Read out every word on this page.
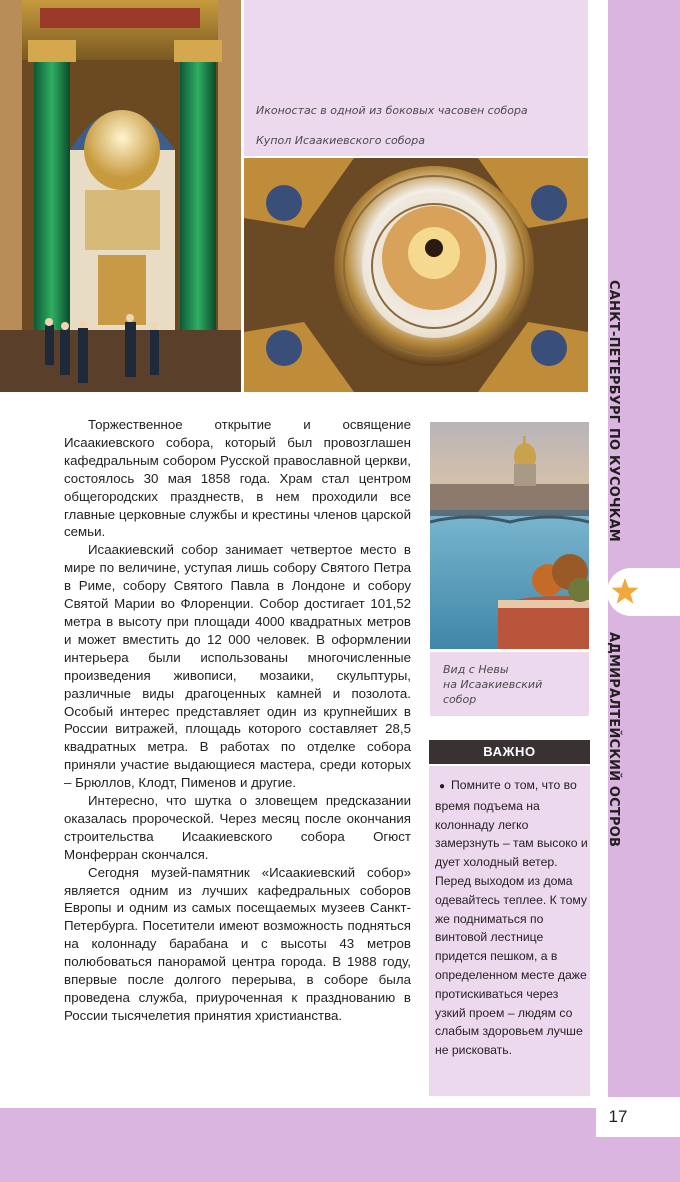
САНКТ-ПЕТЕРБУРГ ПО КУСОЧКАМ
АДМИРАЛТЕЙСКИЙ ОСТРОВ
Иконостас в одной из боковых часовен собора
Купол Исаакиевского собора

Торжественное открытие и освящение Исаакиевского собора, который был провозглашен кафедральным собором Русской православной церкви, состоялось 30 мая 1858 года. Храм стал центром общегородских празднеств, в нем проходили все главные церковные службы и крестины членов царской семьи.

Исаакиевский собор занимает четвертое место в мире по величине, уступая лишь собору Святого Петра в Риме, собору Святого Павла в Лондоне и собору Святой Марии во Флоренции. Собор достигает 101,52 метра в высоту при площади 4000 квадратных метров и может вместить до 12 000 человек. В оформлении интерьера были использованы многочисленные произведения живописи, мозаики, скульптуры, различные виды драгоценных камней и позолота. Особый интерес представляет один из крупнейших в России витражей, площадь которого составляет 28,5 квадратных метра. В работах по отделке собора приняли участие выдающиеся мастера, среди которых – Брюллов, Клодт, Пименов и другие.

Интересно, что шутка о зловещем предсказании оказалась пророческой. Через месяц после окончания строительства Исаакиевского собора Огюст Монферран скончался.

Сегодня музей-памятник «Исаакиевский собор» является одним из лучших кафедральных соборов Европы и одним из самых посещаемых музеев Санкт-Петербурга. Посетители имеют возможность подняться на колоннаду барабана и с высоты 43 метров полюбоваться панорамой центра города. В 1988 году, впервые после долгого перерыва, в соборе была проведена служба, приуроченная к празднованию в России тысячелетия принятия христианства.

Вид с Невы
на Исаакиевский
собор
ВАЖНО

● Помните о том, что во время подъема на колоннаду легко замерзнуть – там высоко и дует холодный ветер. Перед выходом из дома одевайтесь теплее. К тому же подниматься по винтовой лестнице придется пешком, а в определенном месте даже протискиваться через узкий проем – людям со слабым здоровьем лучше не рисковать.

17
